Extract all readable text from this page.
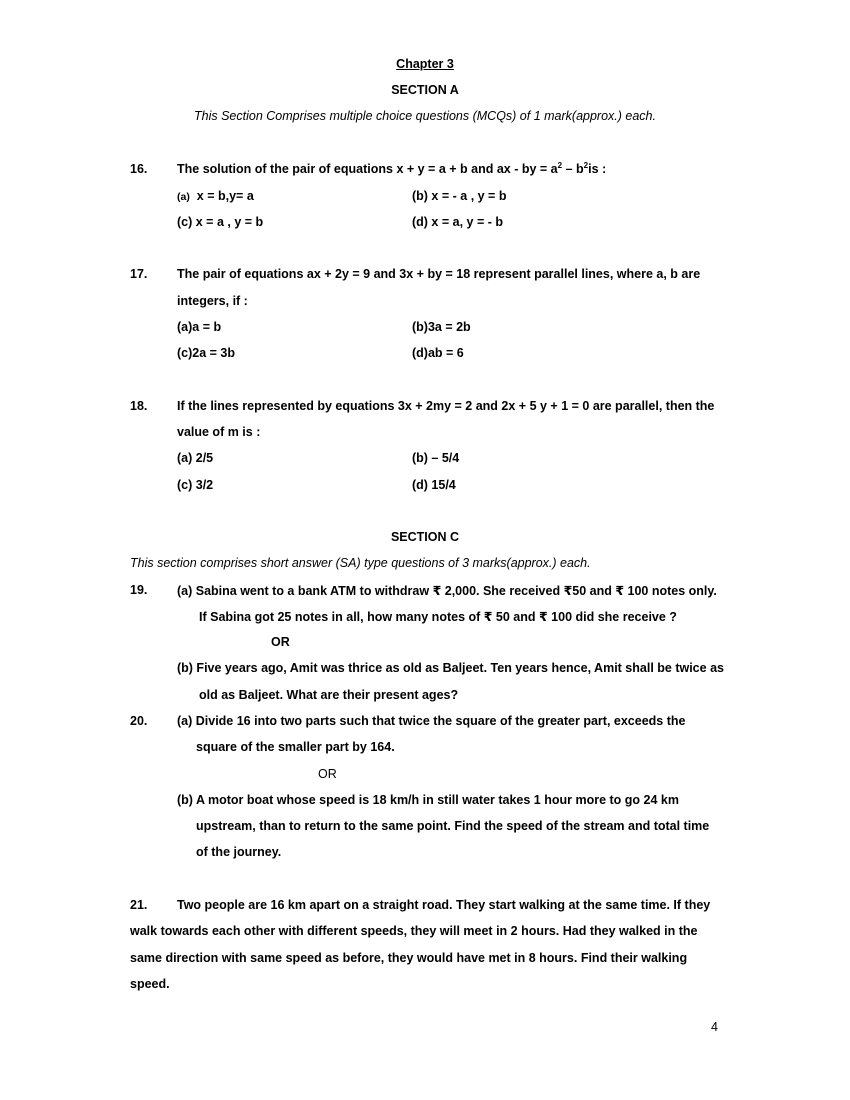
Chapter 3
SECTION A
This Section Comprises multiple choice questions (MCQs) of 1 mark(approx.) each.
16. The solution of the pair of equations x + y = a + b and ax - by = $a^2 - b^2is$ :
(a) x = b,y= a	(b) x = - a , y = b
(c) x = a , y = b	(d) x = a, y = - b
17. The pair of equations ax + 2y = 9 and 3x + by = 18 represent parallel lines, where a, b are
integers, if :
(a)a = b	(b)3a = 2b
(c)2a = 3b	(d)ab = 6
18. If the lines represented by equations 3x + 2my = 2 and 2x + 5 y + 1 = 0 are parallel, then the
value of m is :
(a) 2/5	(b) – 5/4
(c) 3/2	(d) 15/4
SECTION C
This section comprises short answer (SA) type questions of 3 marks(approx.) each.
19. (a) Sabina went to a bank ATM to withdraw ₹ 2,000. She received ₹50 and ₹ 100 notes only.
If Sabina got 25 notes in all, how many notes of ₹ 50 and ₹ 100 did she receive ?
OR
(b) Five years ago, Amit was thrice as old as Baljeet. Ten years hence, Amit shall be twice as
old as Baljeet. What are their present ages?
20. (a) Divide 16 into two parts such that twice the square of the greater part, exceeds the
square of the smaller part by 164.
OR
(b) A motor boat whose speed is 18 km/h in still water takes 1 hour more to go 24 km
upstream, than to return to the same point. Find the speed of the stream and total time
of the journey.
21. Two people are 16 km apart on a straight road. They start walking at the same time. If they
walk towards each other with different speeds, they will meet in 2 hours. Had they walked in the
same direction with same speed as before, they would have met in 8 hours. Find their walking
speed.
4
